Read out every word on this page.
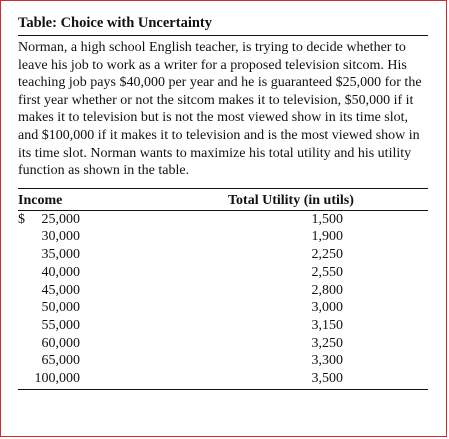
Table: Choice with Uncertainty

Norman, a high school English teacher, is trying to decide whether to leave his job to work as a writer for a proposed television sitcom. His teaching job pays $40,000 per year and he is guaranteed $25,000 for the first year whether or not the sitcom makes it to television, $50,000 if it makes it to television but is not the most viewed show in its time slot, and $100,000 if it makes it to television and is the most viewed show in its time slot. Norman wants to maximize his total utility and his utility function as shown in the table.

Income	Total Utility (in utils)
$ 25,000	1,500
30,000	1,900
35,000	2,250
40,000	2,550
45,000	2,800
50,000	3,000
55,000	3,150
60,000	3,250
65,000	3,300
100,000	3,500
